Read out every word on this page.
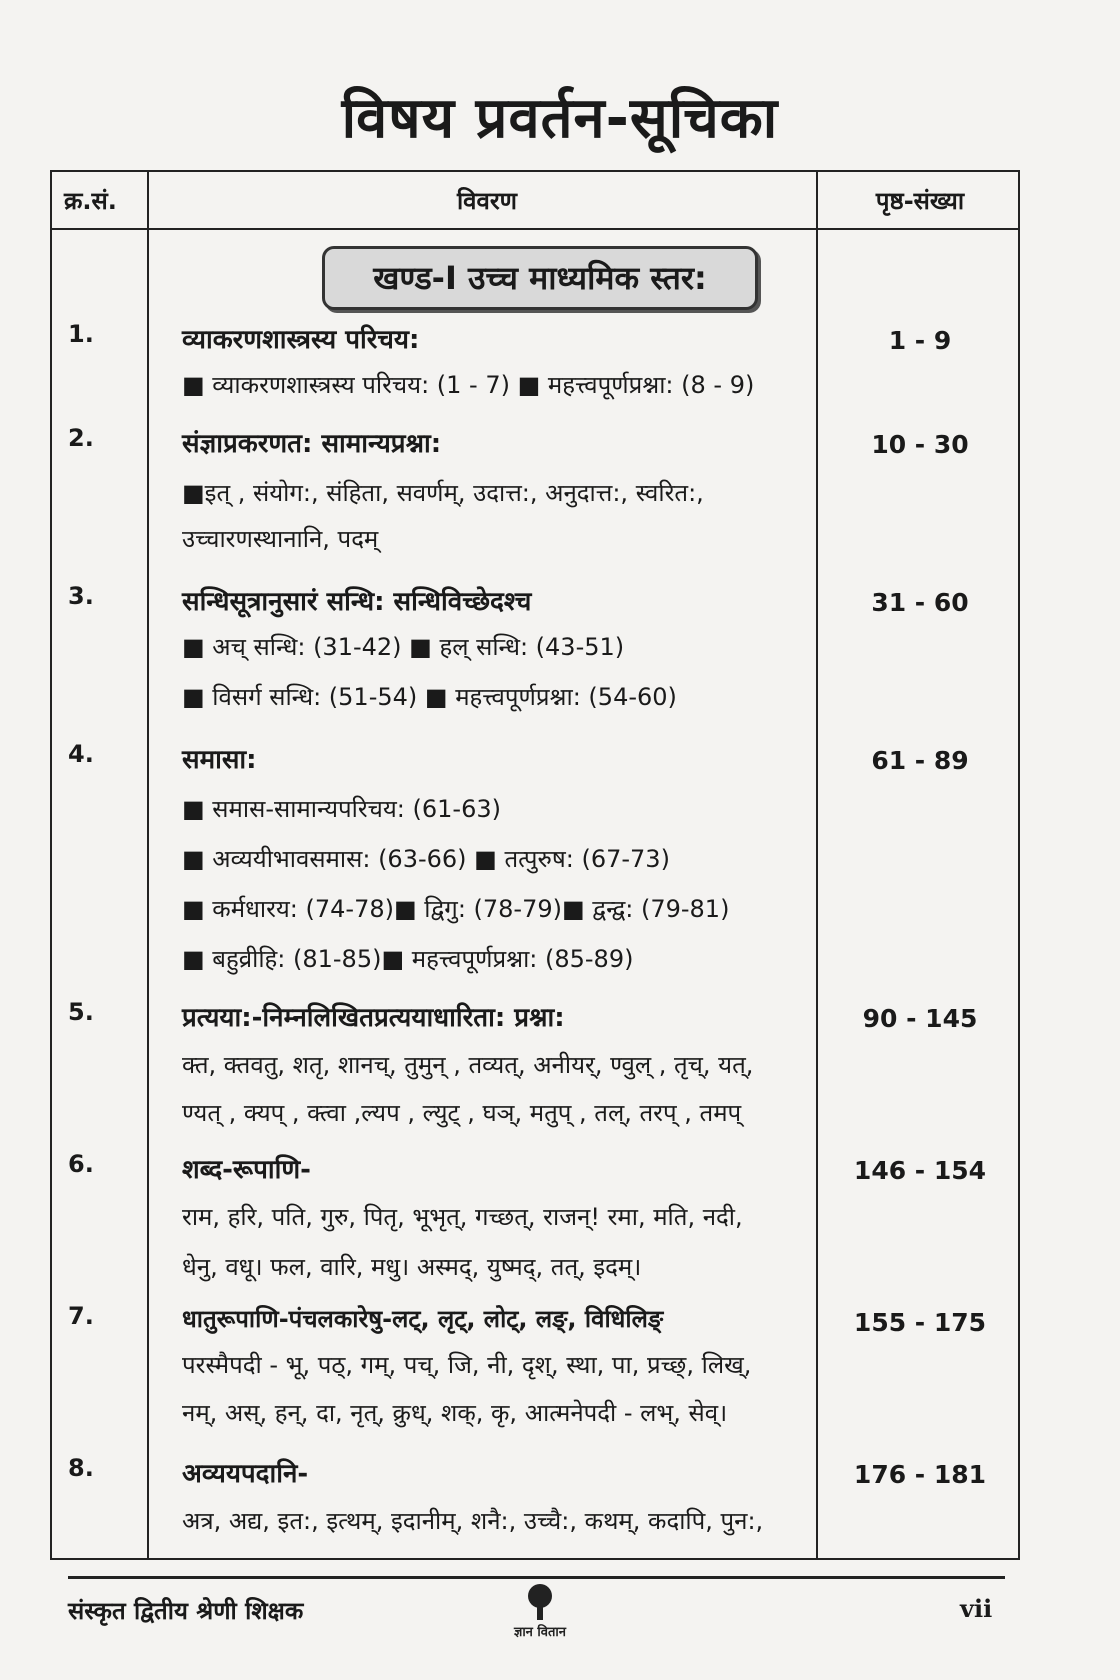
विषय प्रवर्तन-सूचिका
क्र.सं.	विवरण	पृष्ठ-संख्या
खण्ड-I उच्च माध्यमिक स्तर:
1.	व्याकरणशास्त्रस्य परिचय:	1 - 9
■ व्याकरणशास्त्रस्य परिचय: (1 - 7) ■ महत्त्वपूर्णप्रश्ना: (8 - 9)
2.	संज्ञाप्रकरणत: सामान्यप्रश्ना:	10 - 30
■इत् , संयोग:, संहिता, सवर्णम्, उदात्त:, अनुदात्त:, स्वरित:,
उच्चारणस्थानानि, पदम्
3.	सन्धिसूत्रानुसारं सन्धि: सन्धिविच्छेदश्च	31 - 60
■ अच् सन्धि: (31-42) ■ हल् सन्धि: (43-51)
■ विसर्ग सन्धि: (51-54) ■ महत्त्वपूर्णप्रश्ना: (54-60)
4.	समासा:	61 - 89
■ समास-सामान्यपरिचय: (61-63)
■ अव्ययीभावसमास: (63-66) ■ तत्पुरुष: (67-73)
■ कर्मधारय: (74-78)■ द्विगु: (78-79)■ द्वन्द्व: (79-81)
■ बहुव्रीहि: (81-85)■ महत्त्वपूर्णप्रश्ना: (85-89)
5.	प्रत्यया:-निम्नलिखितप्रत्ययाधारिता: प्रश्ना:	90 - 145
क्त, क्तवतु, शतृ, शानच्, तुमुन् , तव्यत्, अनीयर्, ण्वुल् , तृच्, यत्,
ण्यत् , क्यप् , क्त्वा ,ल्यप , ल्युट् , घञ्, मतुप् , तल्, तरप् , तमप्
6.	शब्द-रूपाणि-	146 - 154
राम, हरि, पति, गुरु, पितृ, भूभृत्, गच्छत्, राजन्! रमा, मति, नदी,
धेनु, वधू। फल, वारि, मधु। अस्मद्, युष्मद्, तत्, इदम्।
7.	धातुरूपाणि-पंचलकारेषु-लट्, लृट्, लोट्, लङ्, विधिलिङ्	155 - 175
परस्मैपदी - भू, पठ्, गम्, पच्, जि, नी, दृश्, स्था, पा, प्रच्छ्, लिख्,
नम्, अस्, हन्, दा, नृत्, क्रुध्, शक्, कृ, आत्मनेपदी - लभ्, सेव्।
8.	अव्ययपदानि-	176 - 181
अत्र, अद्य, इत:, इत्थम्, इदानीम्, शनै:, उच्चै:, कथम्, कदापि, पुन:,
संस्कृत द्वितीय श्रेणी शिक्षक
ज्ञान वितान
vii
